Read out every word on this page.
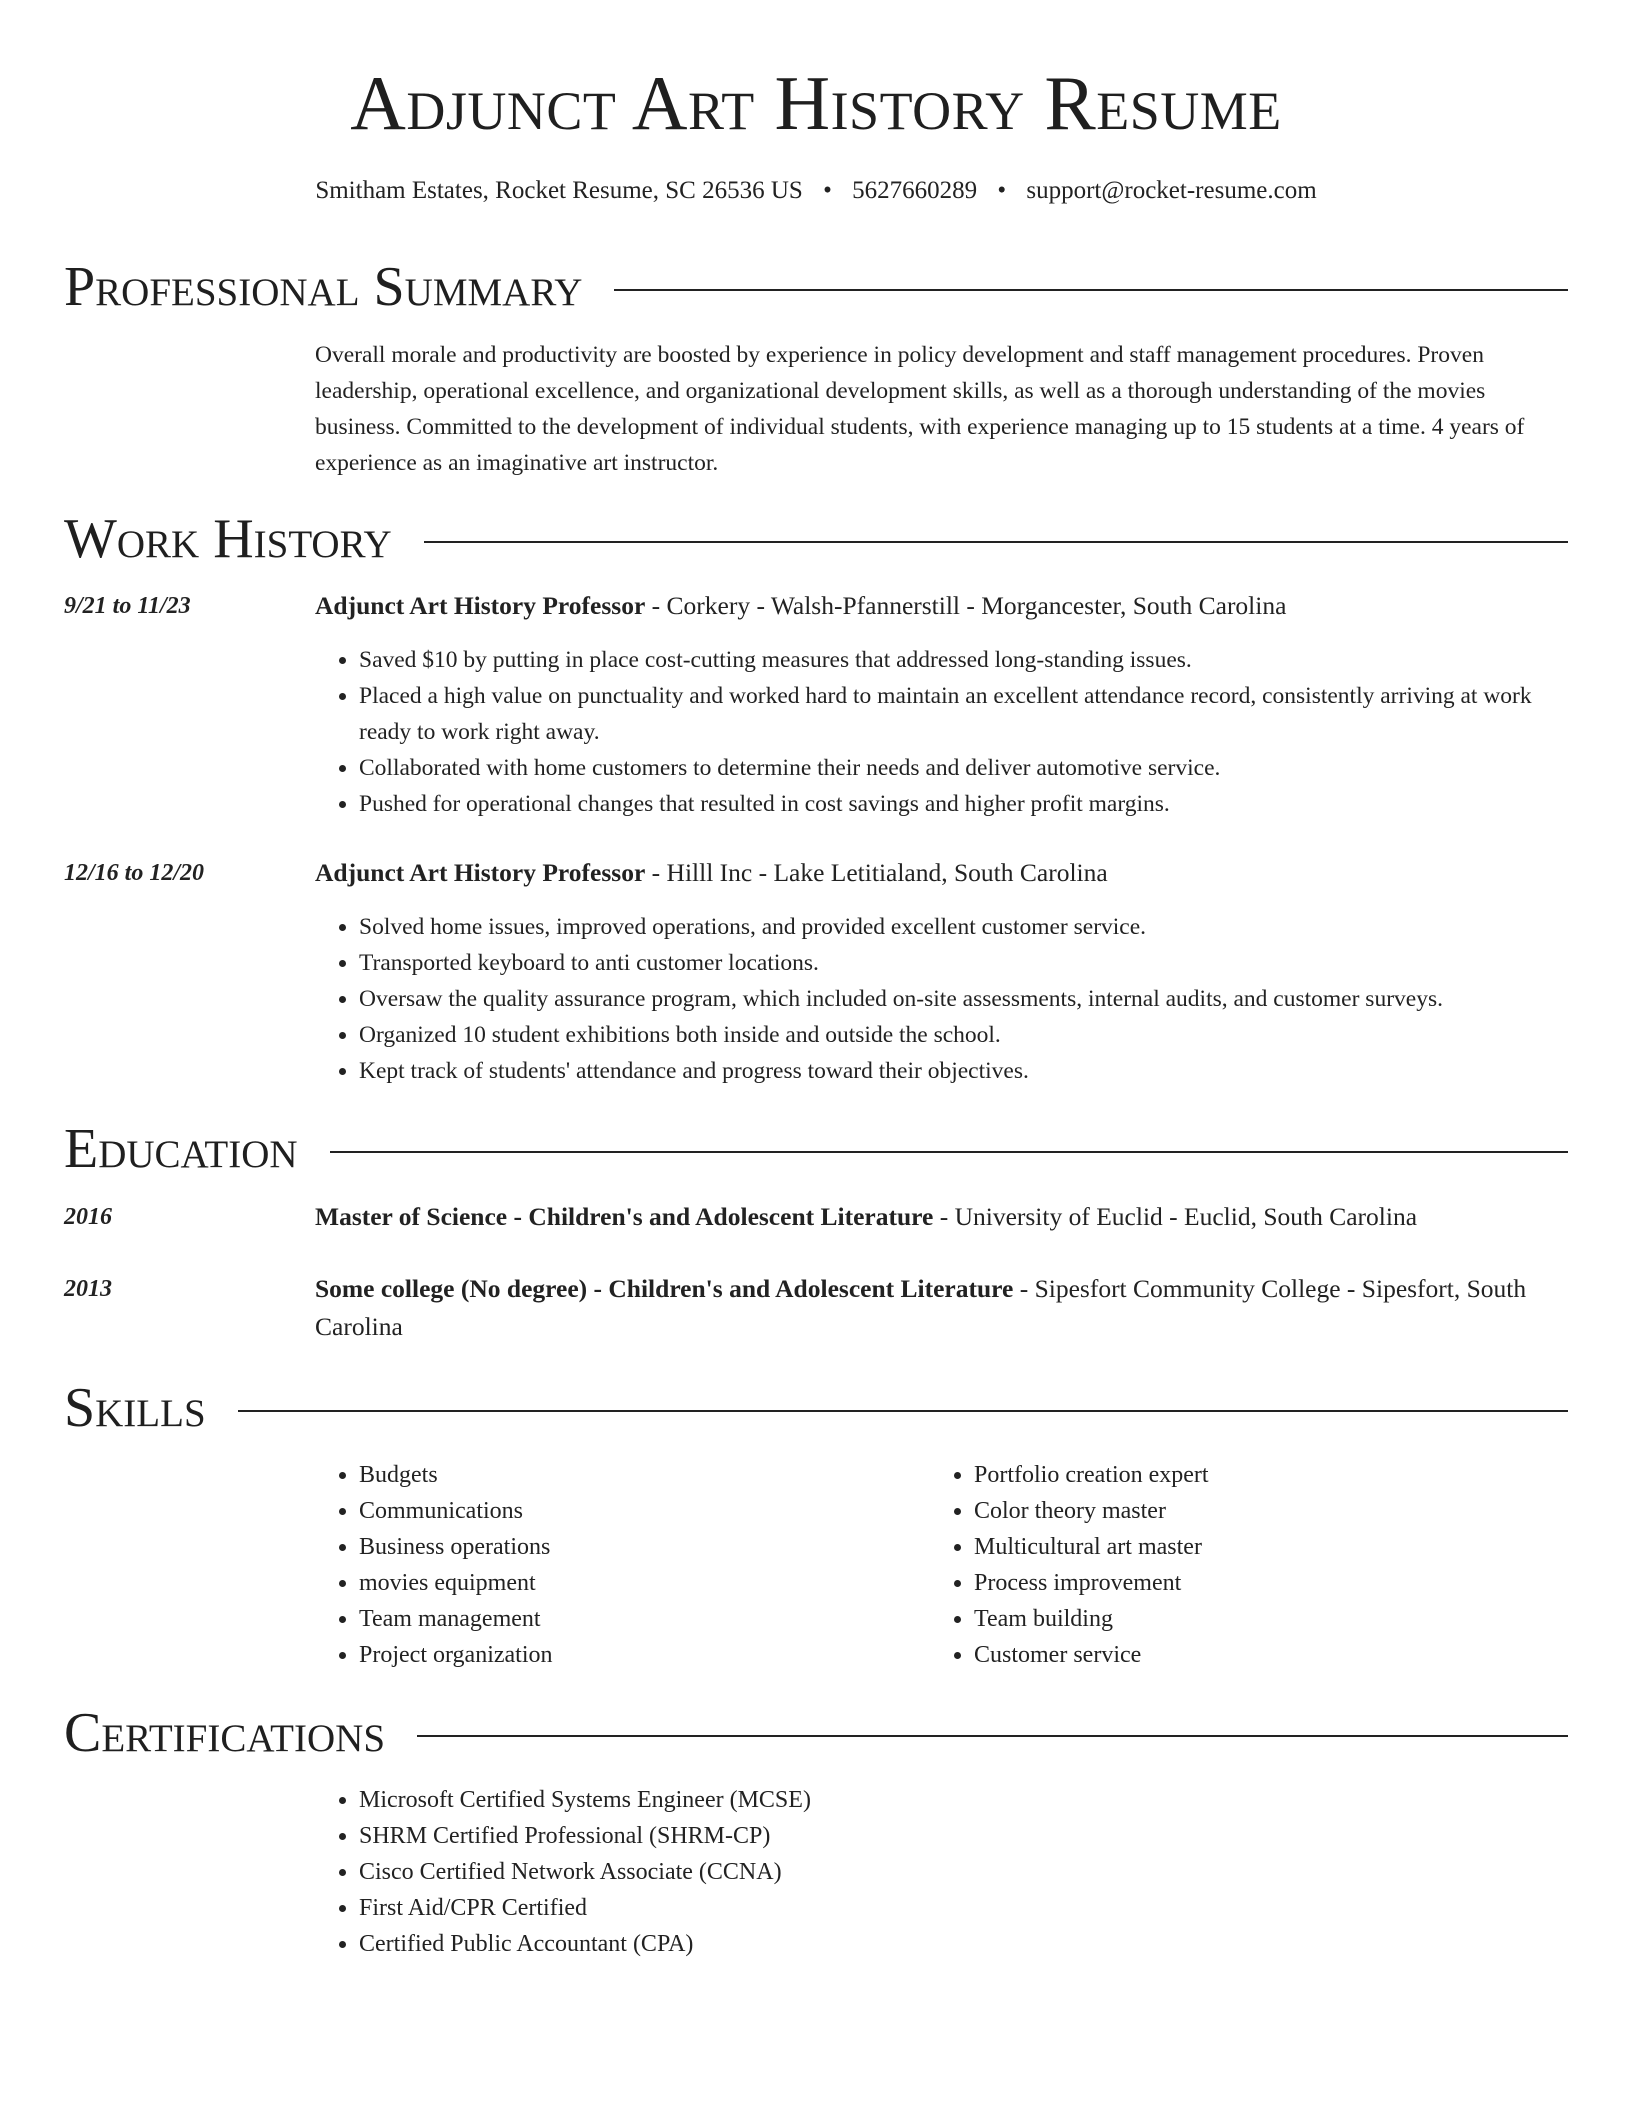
Adjunct Art History Resume
Smitham Estates, Rocket Resume, SC 26536 US • 5627660289 • support@rocket-resume.com
Professional Summary
Overall morale and productivity are boosted by experience in policy development and staff management procedures. Proven leadership, operational excellence, and organizational development skills, as well as a thorough understanding of the movies business. Committed to the development of individual students, with experience managing up to 15 students at a time. 4 years of experience as an imaginative art instructor.
Work History
9/21 to 11/23	Adjunct Art History Professor - Corkery - Walsh-Pfannerstill - Morgancester, South Carolina
• Saved $10 by putting in place cost-cutting measures that addressed long-standing issues.
• Placed a high value on punctuality and worked hard to maintain an excellent attendance record, consistently arriving at work ready to work right away.
• Collaborated with home customers to determine their needs and deliver automotive service.
• Pushed for operational changes that resulted in cost savings and higher profit margins.
12/16 to 12/20	Adjunct Art History Professor - Hilll Inc - Lake Letitialand, South Carolina
• Solved home issues, improved operations, and provided excellent customer service.
• Transported keyboard to anti customer locations.
• Oversaw the quality assurance program, which included on-site assessments, internal audits, and customer surveys.
• Organized 10 student exhibitions both inside and outside the school.
• Kept track of students' attendance and progress toward their objectives.
Education
2016	Master of Science - Children's and Adolescent Literature - University of Euclid - Euclid, South Carolina
2013	Some college (No degree) - Children's and Adolescent Literature - Sipesfort Community College - Sipesfort, South Carolina
Skills
• Budgets
• Communications
• Business operations
• movies equipment
• Team management
• Project organization
• Portfolio creation expert
• Color theory master
• Multicultural art master
• Process improvement
• Team building
• Customer service
Certifications
• Microsoft Certified Systems Engineer (MCSE)
• SHRM Certified Professional (SHRM-CP)
• Cisco Certified Network Associate (CCNA)
• First Aid/CPR Certified
• Certified Public Accountant (CPA)
